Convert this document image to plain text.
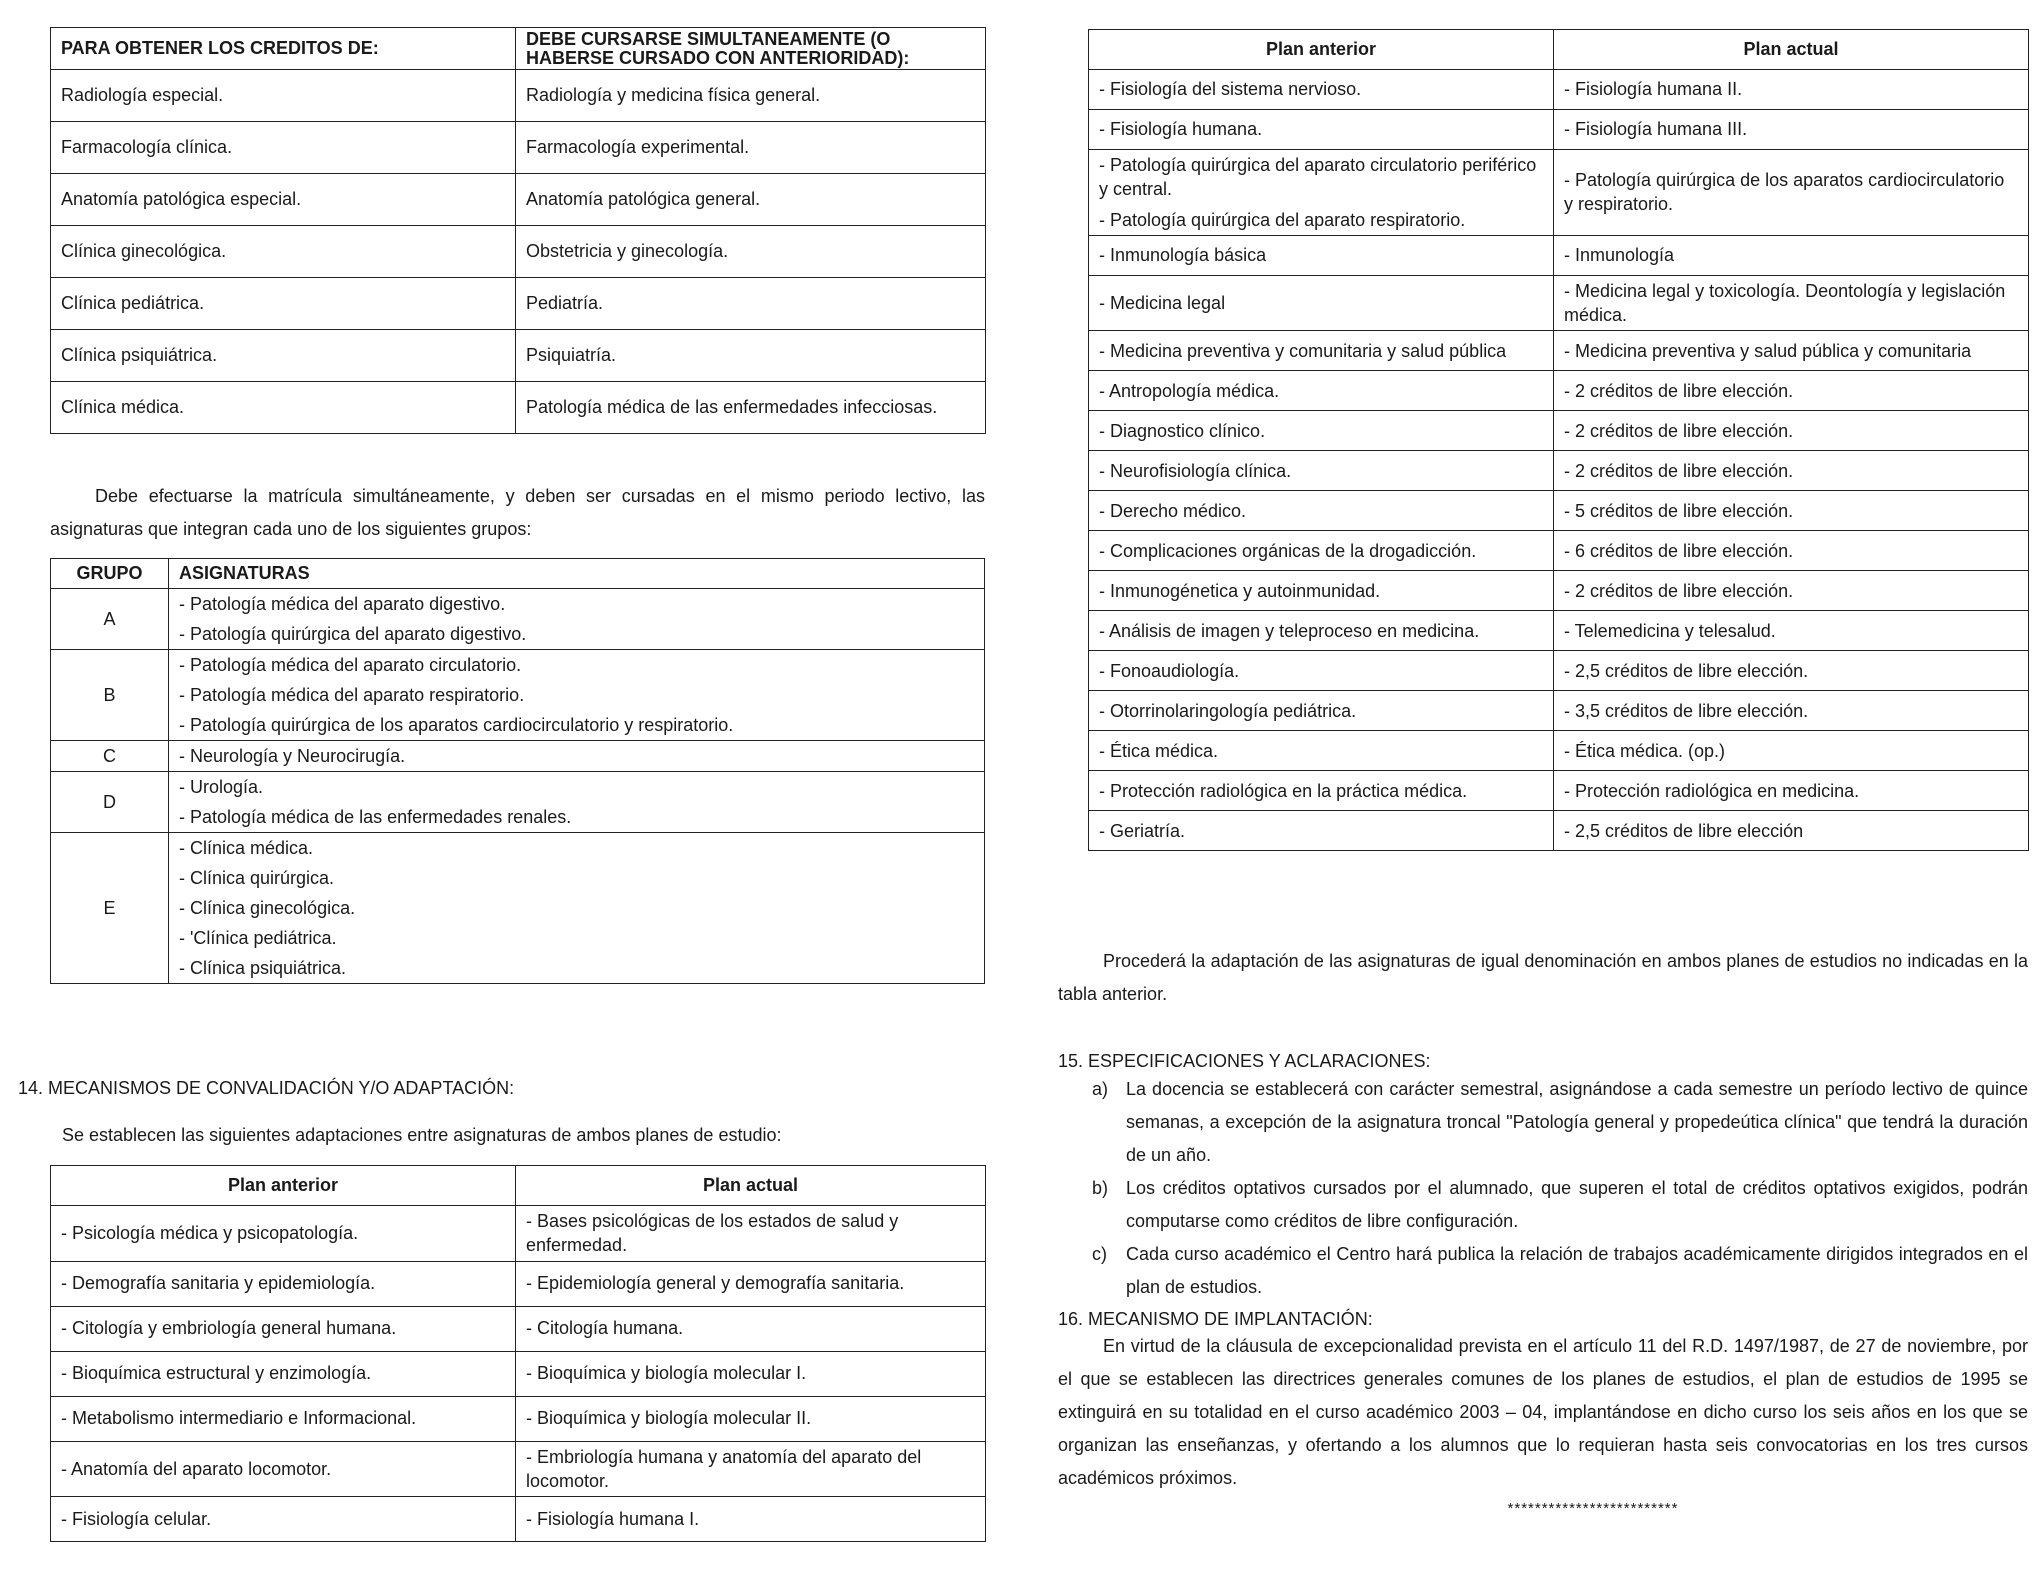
PARA OBTENER LOS CREDITOS DE:	DEBE CURSARSE SIMULTANEAMENTE (O HABERSE CURSADO CON ANTERIORIDAD):
Radiología especial.	Radiología y medicina física general.
Farmacología clínica.	Farmacología experimental.
Anatomía patológica especial.	Anatomía patológica general.
Clínica ginecológica.	Obstetricia y ginecología.
Clínica pediátrica.	Pediatría.
Clínica psiquiátrica.	Psiquiatría.
Clínica médica.	Patología médica de las enfermedades infecciosas.

Debe efectuarse la matrícula simultáneamente, y deben ser cursadas en el mismo periodo lectivo, las asignaturas que integran cada uno de los siguientes grupos:

GRUPO	ASIGNATURAS
A	- Patología médica del aparato digestivo.
- Patología quirúrgica del aparato digestivo.

B	- Patología médica del aparato circulatorio.
- Patología médica del aparato respiratorio.
- Patología quirúrgica de los aparatos cardiocirculatorio y respiratorio.

C	- Neurología y Neurocirugía.

D	- Urología.
- Patología médica de las enfermedades renales.

E	- Clínica médica.
- Clínica quirúrgica.
- Clínica ginecológica.
- 'Clínica pediátrica.
- Clínica psiquiátrica.

14. MECANISMOS DE CONVALIDACIÓN Y/O ADAPTACIÓN:

Se establecen las siguientes adaptaciones entre asignaturas de ambos planes de estudio:

Plan anterior	Plan actual

- Psicología médica y psicopatología.	- Bases psicológicas de los estados de salud y enfermedad.

- Demografía sanitaria y epidemiología.	- Epidemiología general y demografía sanitaria.

- Citología y embriología general humana.	- Citología humana.

- Bioquímica estructural y enzimología.	- Bioquímica y biología molecular I.

- Metabolismo intermediario e Informacional.	- Bioquímica y biología molecular II.

- Anatomía del aparato locomotor.	- Embriología humana y anatomía del aparato del locomotor.

- Fisiología celular.	- Fisiología humana I.
Plan anterior	Plan actual

- Fisiología del sistema nervioso.	- Fisiología humana II.

- Fisiología humana.	- Fisiología humana III.

- Patología quirúrgica del aparato circulatorio periférico y central.
- Patología quirúrgica del aparato respiratorio.	- Patología quirúrgica de los aparatos cardiocirculatorio y respiratorio.

- Inmunología básica	- Inmunología

- Medicina legal	- Medicina legal y toxicología. Deontología y legislación médica.

- Medicina preventiva y comunitaria y salud pública	- Medicina preventiva y salud pública y comunitaria

- Antropología médica.	- 2 créditos de libre elección.

- Diagnostico clínico.	- 2 créditos de libre elección.

- Neurofisiología clínica.	- 2 créditos de libre elección.

- Derecho médico.	- 5 créditos de libre elección.

- Complicaciones orgánicas de la drogadicción.	- 6 créditos de libre elección.

- Inmunogénetica y autoinmunidad.	- 2 créditos de libre elección.

- Análisis de imagen y teleproceso en medicina.	- Telemedicina y telesalud.

- Fonoaudiología.	- 2,5 créditos de libre elección.

- Otorrinolaringología pediátrica.	- 3,5 créditos de libre elección.

- Ética médica.	- Ética médica. (op.)

- Protección radiológica en la práctica médica.	- Protección radiológica en medicina.

- Geriatría.	- 2,5 créditos de libre elección

Procederá la adaptación de las asignaturas de igual denominación en ambos planes de estudios no indicadas en la tabla anterior.

15. ESPECIFICACIONES Y ACLARACIONES:

a) La docencia se establecerá con carácter semestral, asignándose a cada semestre un período lectivo de quince semanas, a excepción de la asignatura troncal "Patología general y propedeútica clínica" que tendrá la duración de un año.
b) Los créditos optativos cursados por el alumnado, que superen el total de créditos optativos exigidos, podrán computarse como créditos de libre configuración.
c)	Cada curso académico el Centro hará publica la relación de trabajos académicamente dirigidos integrados en el plan de estudios.

16. MECANISMO DE IMPLANTACIÓN:

En virtud de la cláusula de excepcionalidad prevista en el artículo 11 del R.D. 1497/1987, de 27 de noviembre, por el que se establecen las directrices generales comunes de los planes de estudios, el plan de estudios de 1995 se extinguirá en su totalidad en el curso académico 2003 – 04, implantándose en dicho curso los seis años en los que se organizan las enseñanzas, y ofertando a los alumnos que lo requieran hasta seis convocatorias en los tres cursos académicos próximos.

*************************
